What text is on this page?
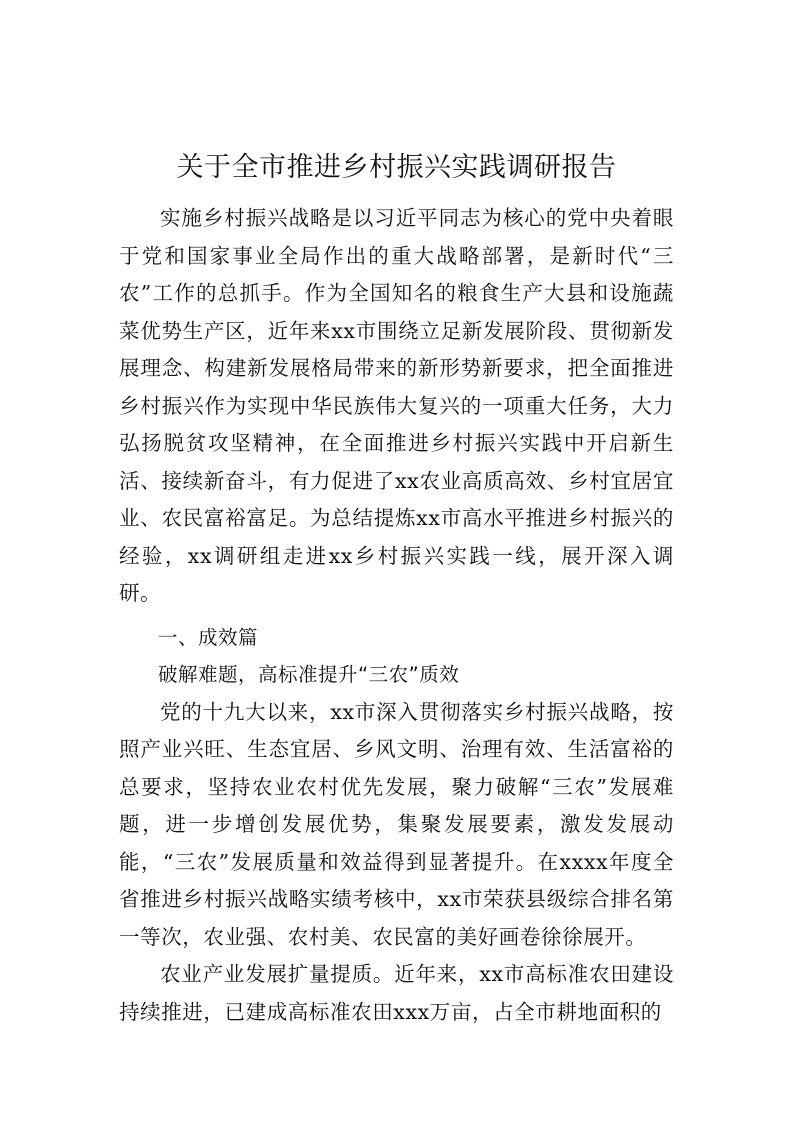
关于全市推进乡村振兴实践调研报告

实施乡村振兴战略是以习近平同志为核心的党中央着眼于党和国家事业全局作出的重大战略部署，是新时代“三农”工作的总抓手。作为全国知名的粮食生产大县和设施蔬菜优势生产区，近年来xx市围绕立足新发展阶段、贯彻新发展理念、构建新发展格局带来的新形势新要求，把全面推进乡村振兴作为实现中华民族伟大复兴的一项重大任务，大力弘扬脱贫攻坚精神，在全面推进乡村振兴实践中开启新生活、接续新奋斗，有力促进了xx农业高质高效、乡村宜居宜业、农民富裕富足。为总结提炼xx市高水平推进乡村振兴的经验，xx调研组走进xx乡村振兴实践一线，展开深入调研。

一、成效篇

破解难题，高标准提升“三农”质效

党的十九大以来，xx市深入贯彻落实乡村振兴战略，按照产业兴旺、生态宜居、乡风文明、治理有效、生活富裕的总要求，坚持农业农村优先发展，聚力破解“三农”发展难题，进一步增创发展优势，集聚发展要素，激发发展动能，“三农”发展质量和效益得到显著提升。在xxxx年度全省推进乡村振兴战略实绩考核中，xx市荣获县级综合排名第一等次，农业强、农村美、农民富的美好画卷徐徐展开。

农业产业发展扩量提质。近年来，xx市高标准农田建设持续推进，已建成高标准农田xxx万亩，占全市耕地面积的
